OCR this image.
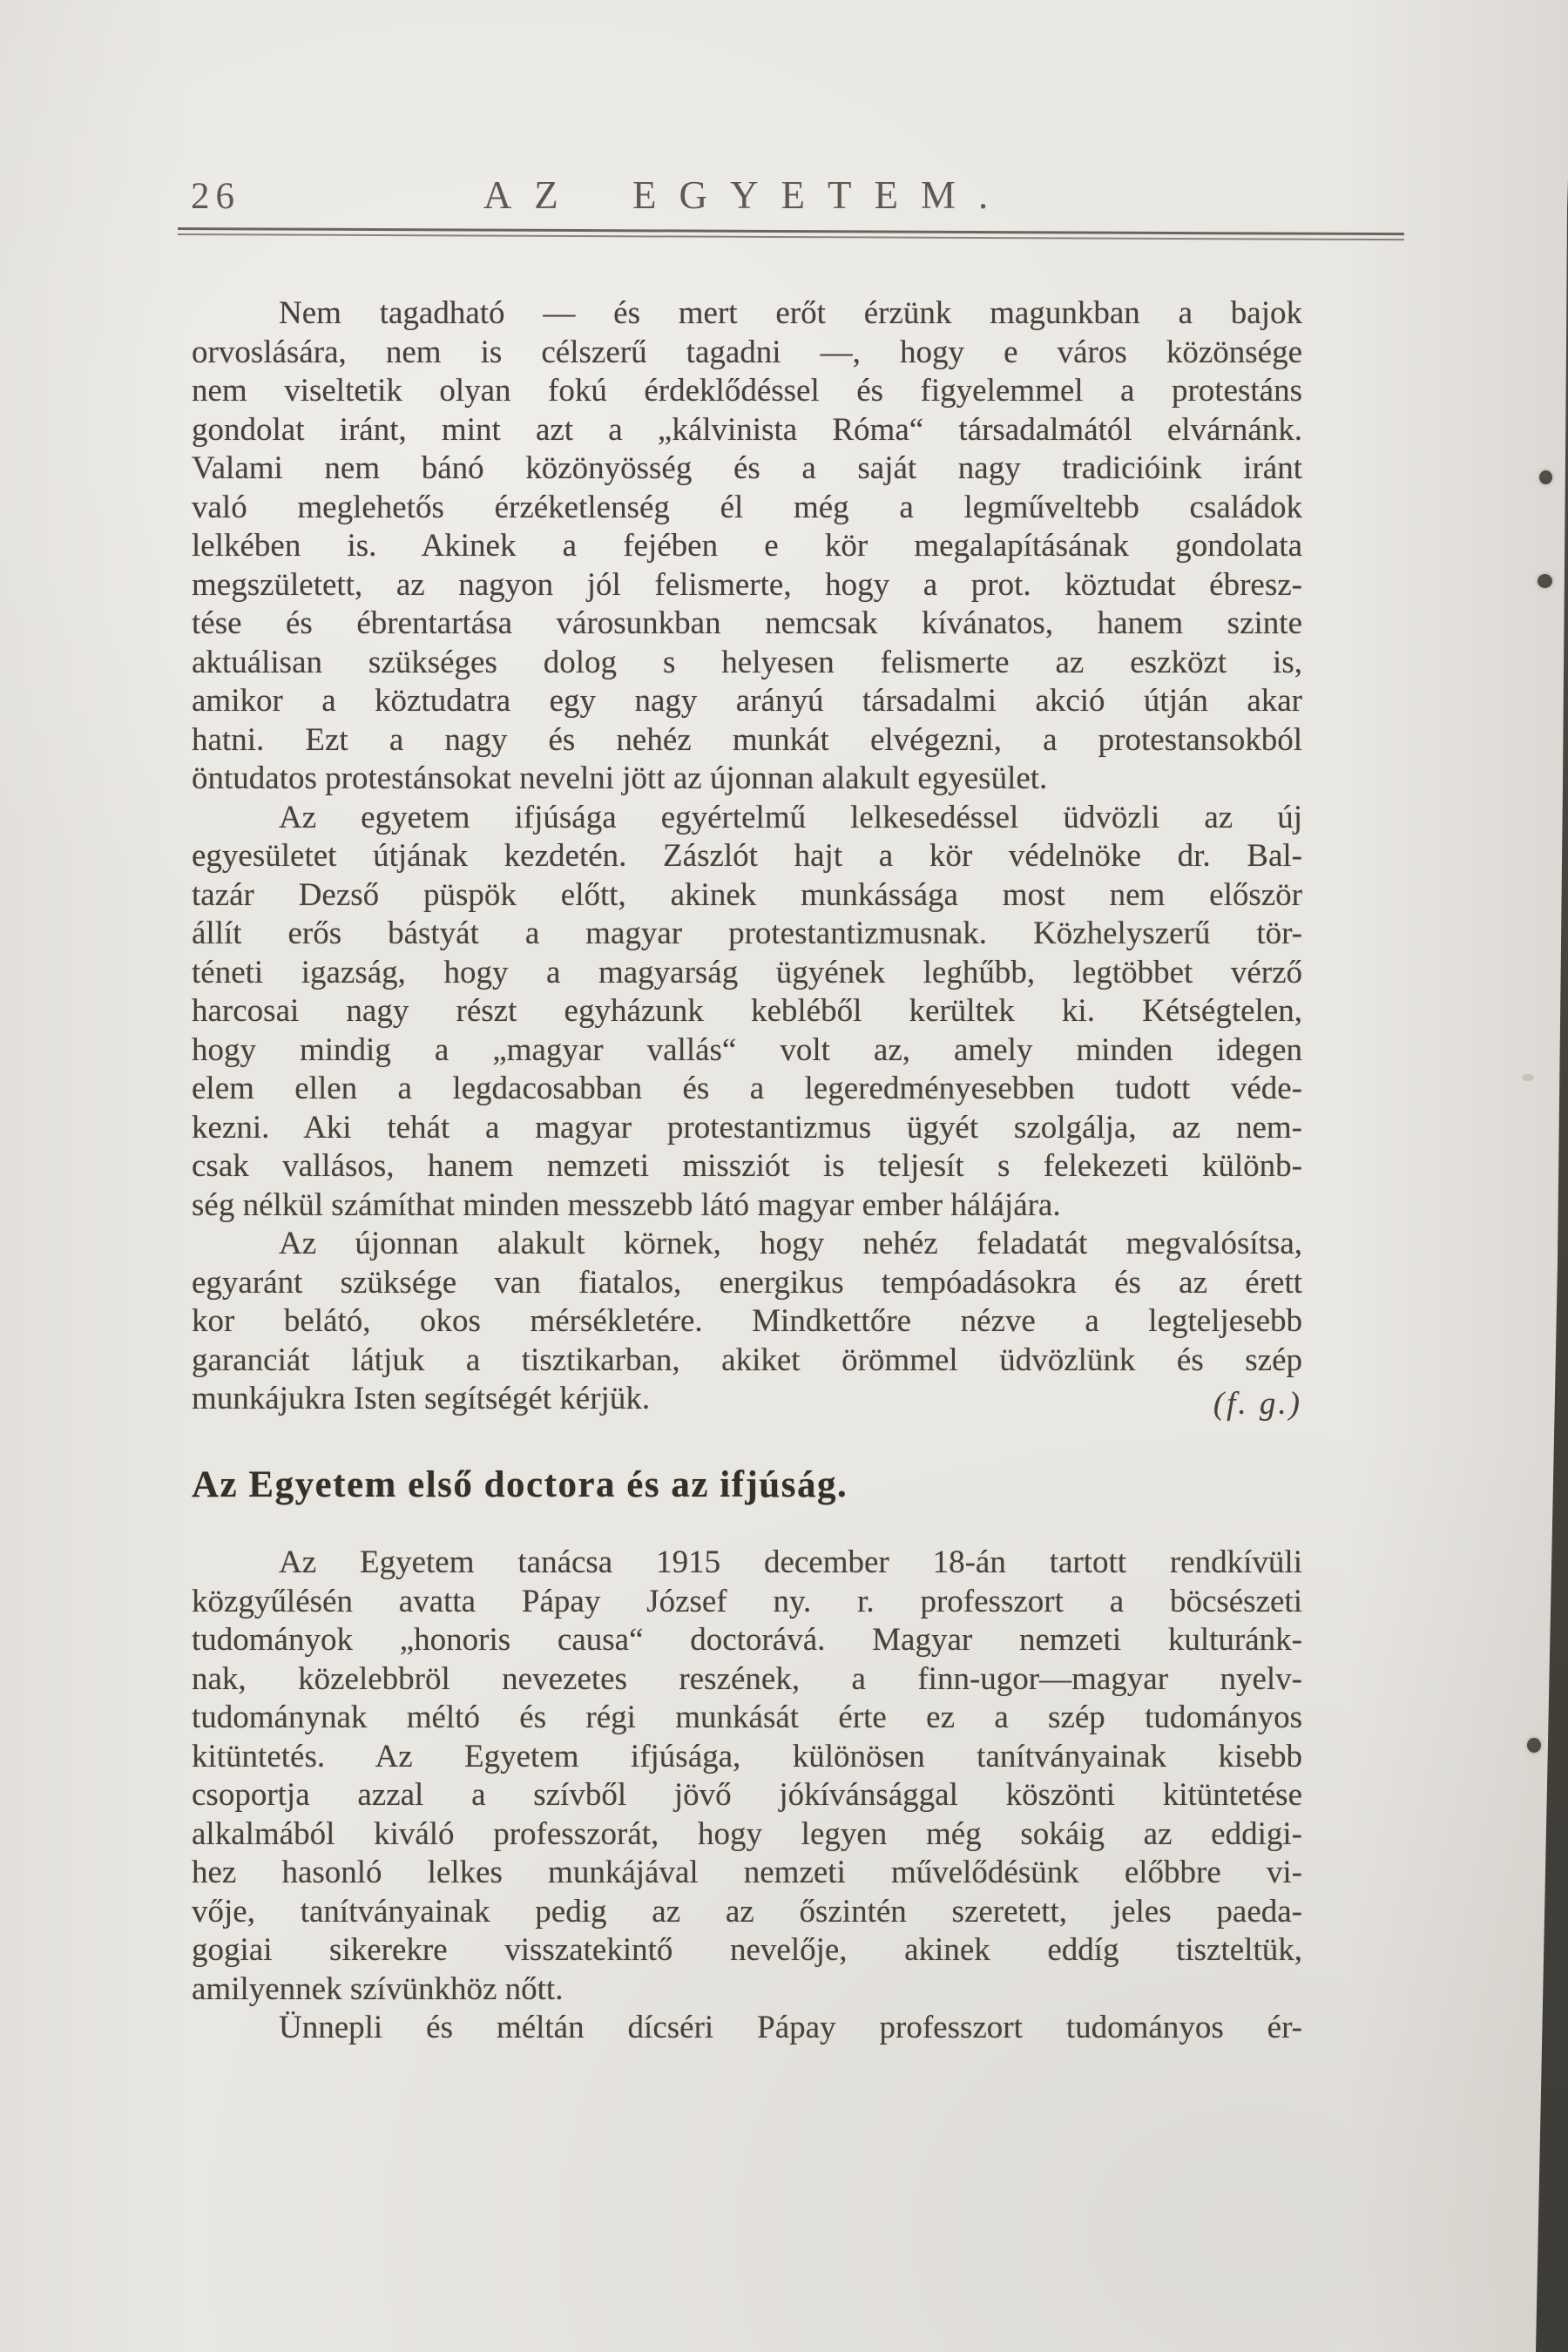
26	AZ EGYETEM.
Nem tagadható — és mert erőt érzünk magunkban a bajok
orvoslására, nem is célszerű tagadni —, hogy e város közönsége
nem viseltetik olyan fokú érdeklődéssel és figyelemmel a protestáns
gondolat iránt, mint azt a „kálvinista Róma“ társadalmától elvárnánk.
Valami nem bánó közönyösség és a saját nagy tradicióink iránt
való meglehetős érzéketlenség él még a legműveltebb családok
lelkében is. Akinek a fejében e kör megalapításának gondolata
megszületett, az nagyon jól felismerte, hogy a prot. köztudat ébresz-
tése és ébrentartása városunkban nemcsak kívánatos, hanem szinte
aktuálisan szükséges dolog s helyesen felismerte az eszközt is,
amikor a köztudatra egy nagy arányú társadalmi akció útján akar
hatni. Ezt a nagy és nehéz munkát elvégezni, a protestansokból
öntudatos protestánsokat nevelni jött az újonnan alakult egyesület.
Az egyetem ifjúsága egyértelmű lelkesedéssel üdvözli az új
egyesületet útjának kezdetén. Zászlót hajt a kör védelnöke dr. Bal-
tazár Dezső püspök előtt, akinek munkássága most nem először
állít erős bástyát a magyar protestantizmusnak. Közhelyszerű tör-
téneti igazság, hogy a magyarság ügyének leghűbb, legtöbbet vérző
harcosai nagy részt egyházunk kebléből kerültek ki. Kétségtelen,
hogy mindig a „magyar vallás“ volt az, amely minden idegen
elem ellen a legdacosabban és a legeredményesebben tudott véde-
kezni. Aki tehát a magyar protestantizmus ügyét szolgálja, az nem-
csak vallásos, hanem nemzeti missziót is teljesít s felekezeti különb-
ség nélkül számíthat minden messzebb látó magyar ember hálájára.
Az újonnan alakult körnek, hogy nehéz feladatát megvalósítsa,
egyaránt szüksége van fiatalos, energikus tempóadásokra és az érett
kor belátó, okos mérsékletére. Mindkettőre nézve a legteljesebb
garanciát látjuk a tisztikarban, akiket örömmel üdvözlünk és szép
munkájukra Isten segítségét kérjük.	(f. g.)
Az Egyetem első doctora és az ifjúság.
Az Egyetem tanácsa 1915 december 18-án tartott rendkívüli
közgyűlésén avatta Pápay József ny. r. professzort a böcsészeti
tudományok „honoris causa“ doctorává. Magyar nemzeti kulturánk-
nak, közelebbröl nevezetes reszének, a finn-ugor—magyar nyelv-
tudománynak méltó és régi munkását érte ez a szép tudományos
kitüntetés. Az Egyetem ifjúsága, különösen tanítványainak kisebb
csoportja azzal a szívből jövő jókívánsággal köszönti kitüntetése
alkalmából kiváló professzorát, hogy legyen még sokáig az eddigi-
hez hasonló lelkes munkájával nemzeti művelődésünk előbbre vi-
vője, tanítványainak pedig az az őszintén szeretett, jeles paeda-
gogiai sikerekre visszatekintő nevelője, akinek eddíg tiszteltük,
amilyennek szívünkhöz nőtt.
Ünnepli és méltán dícséri Pápay professzort tudományos ér-
